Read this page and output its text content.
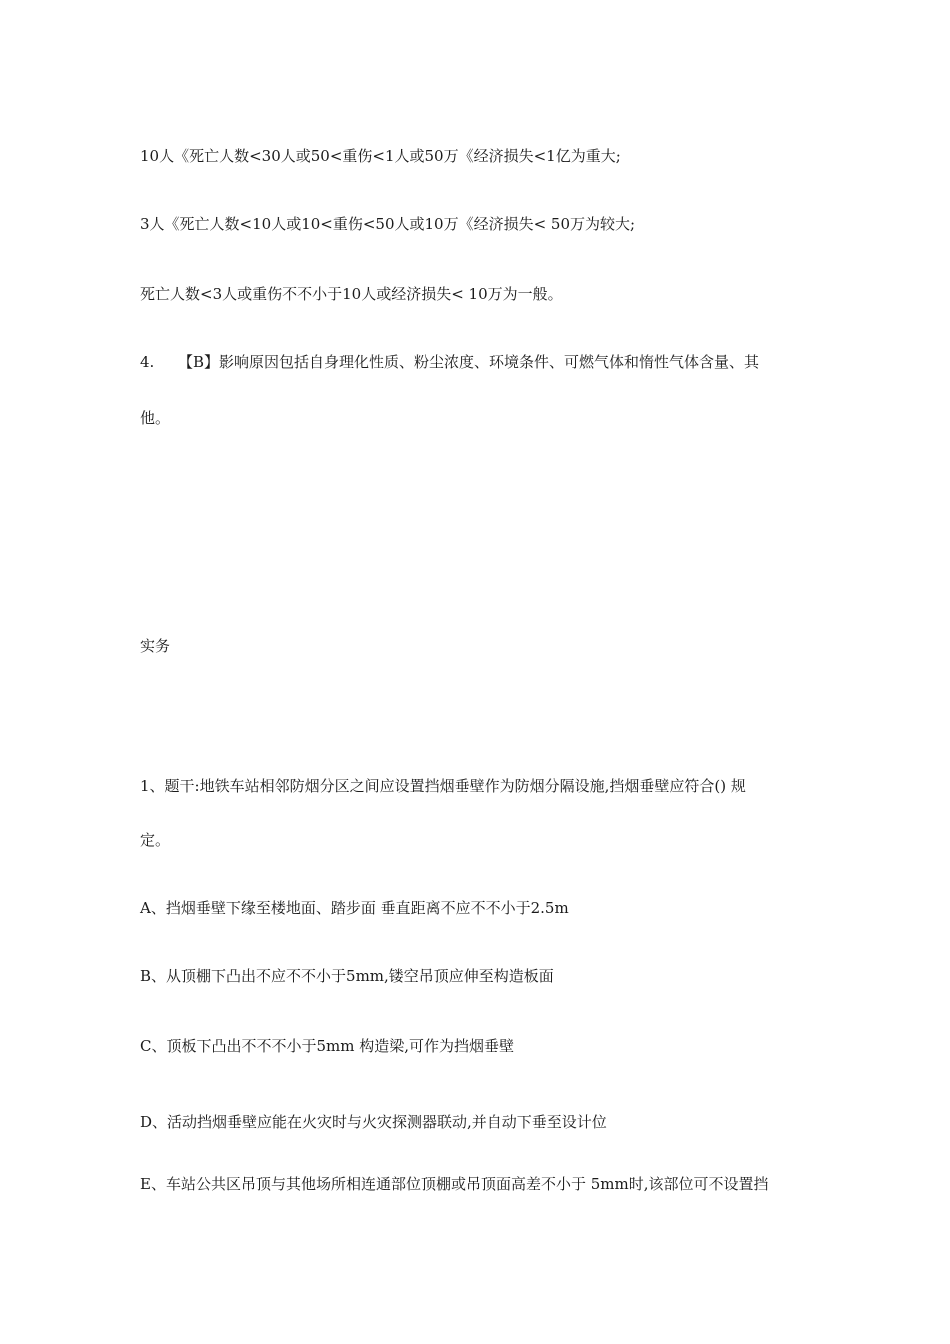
10人《死亡人数<30人或50<重伤<1人或50万《经济损失<1亿为重大;
3人《死亡人数<10人或10<重伤<50人或10万《经济损失< 50万为较大;
死亡人数<3人或重伤不不小于10人或经济损失< 10万为一般。
4. 【B】影响原因包括自身理化性质、粉尘浓度、环境条件、可燃气体和惰性气体含量、其
他。
实务
1、题干:地铁车站相邻防烟分区之间应设置挡烟垂壁作为防烟分隔设施,挡烟垂壁应符合() 规
定。
A、挡烟垂壁下缘至楼地面、踏步面 垂直距离不应不不小于2.5m
B、从顶棚下凸出不应不不小于5mm,镂空吊顶应伸至构造板面
C、顶板下凸出不不不小于5mm 构造梁,可作为挡烟垂壁
D、活动挡烟垂壁应能在火灾时与火灾探测器联动,并自动下垂至设计位
E、车站公共区吊顶与其他场所相连通部位顶棚或吊顶面高差不小于 5mm时,该部位可不设置挡
